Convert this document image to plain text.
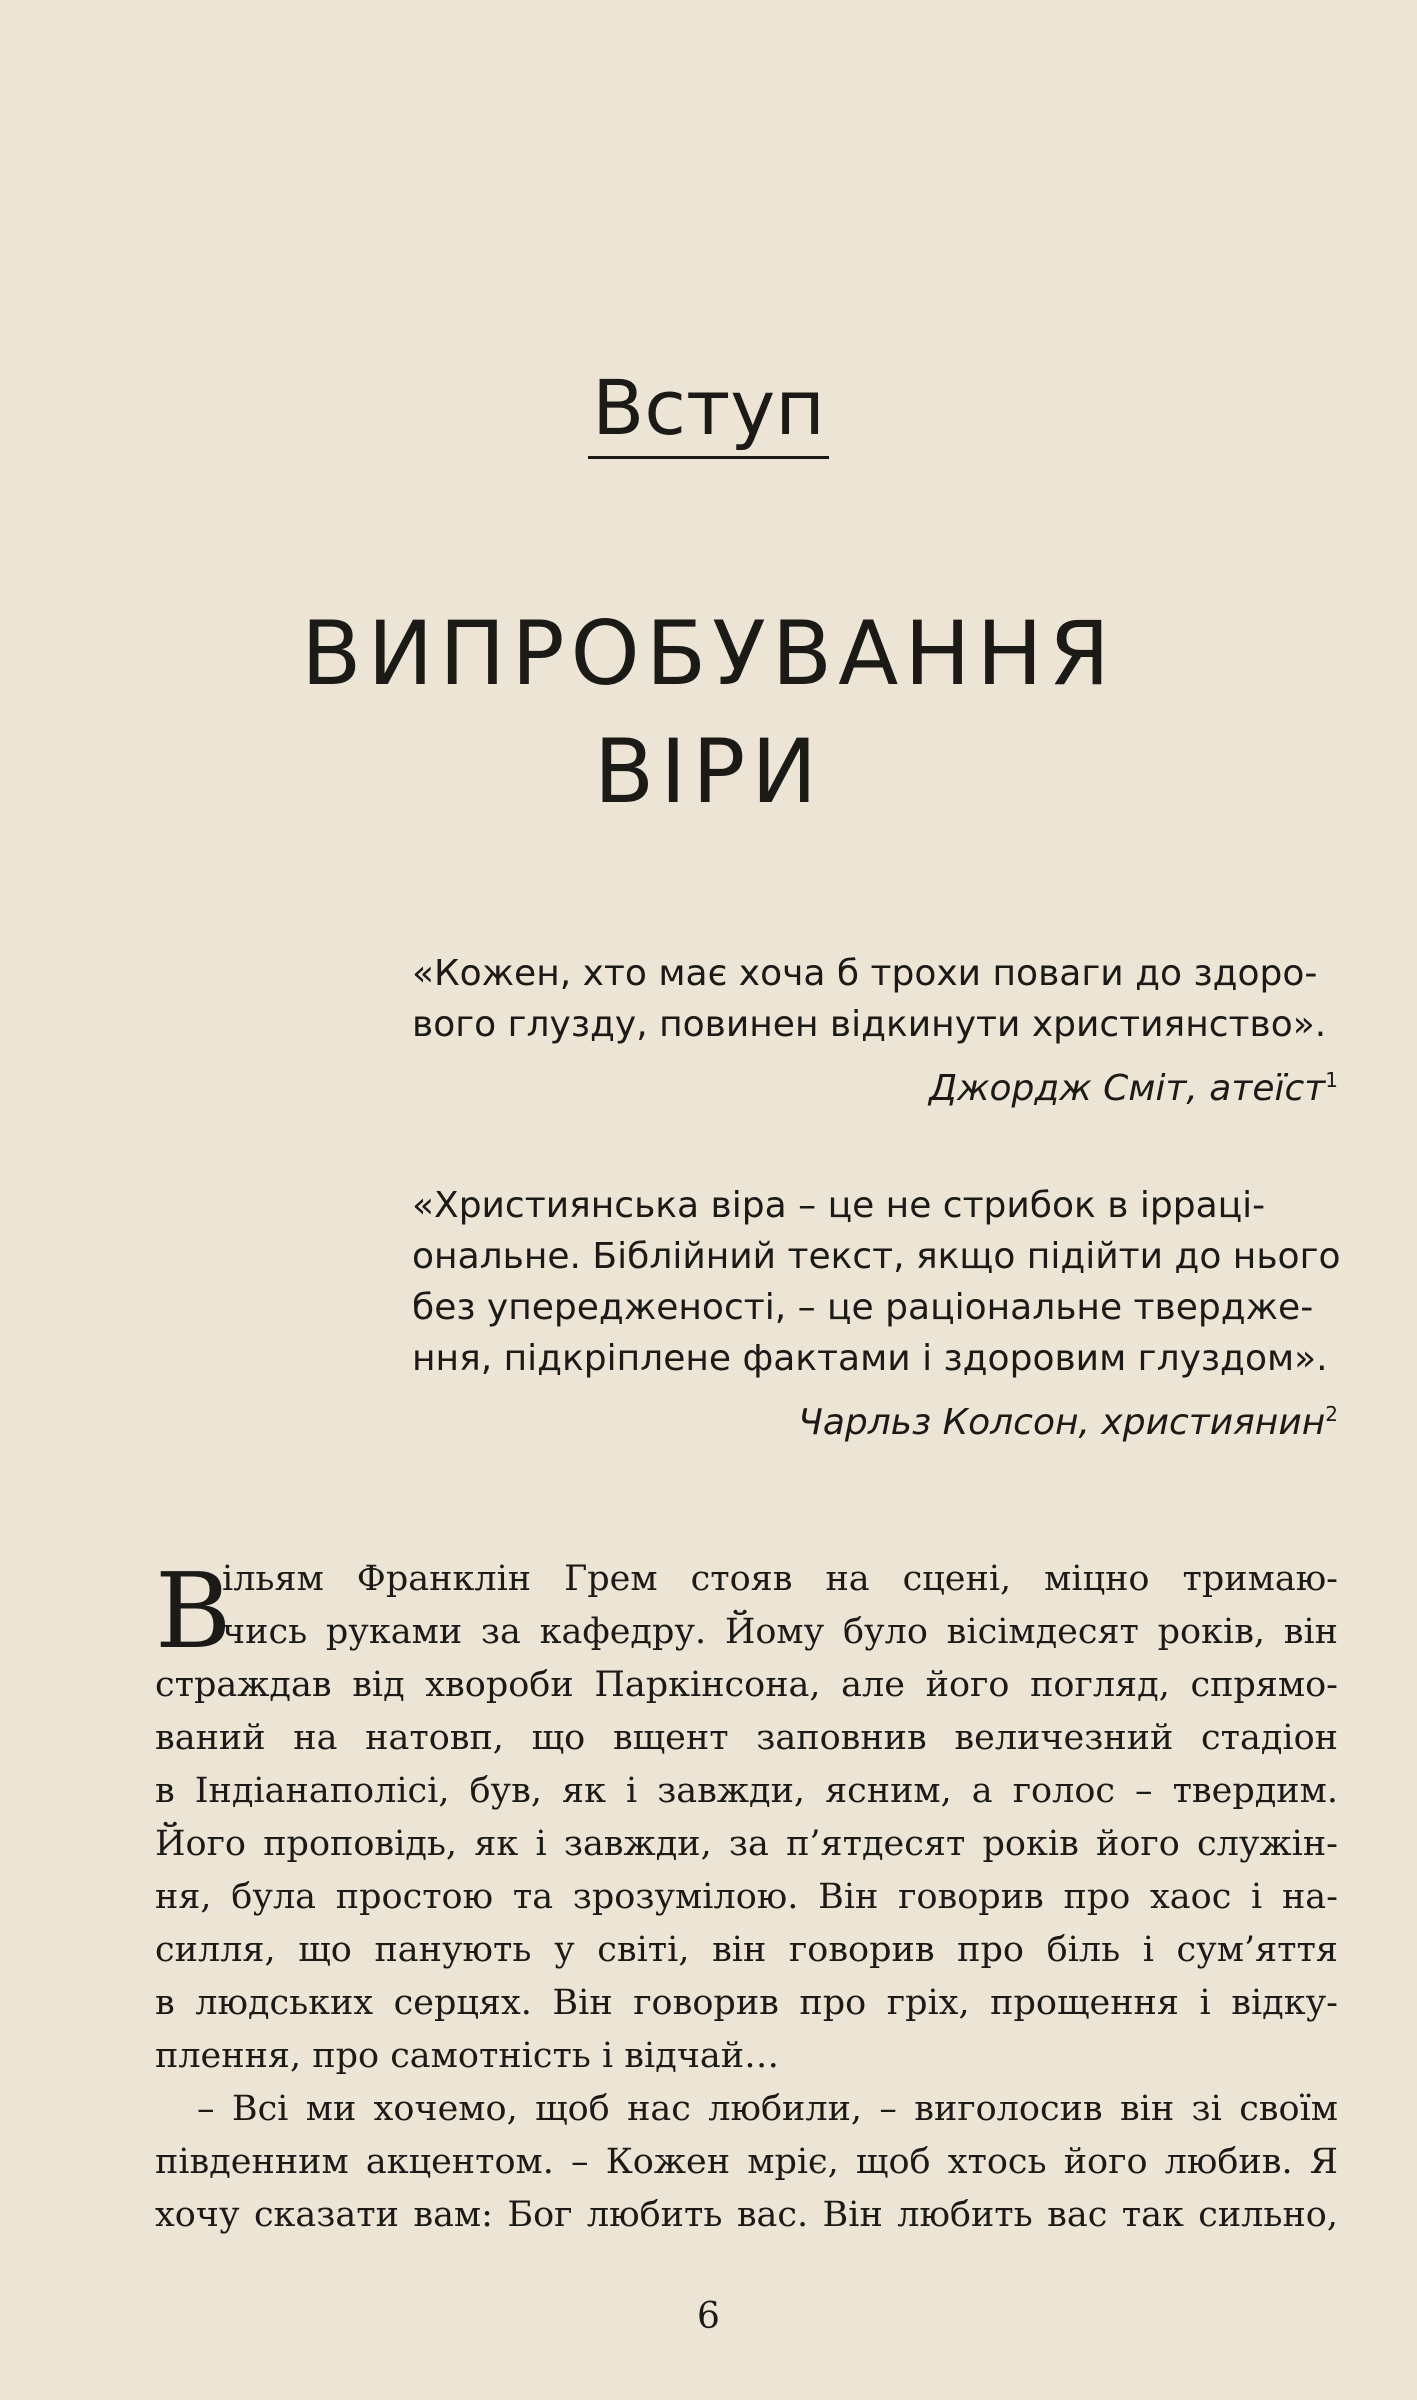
Вступ
ВИПРОБУВАННЯ
ВІРИ
«Кожен, хто має хоча б трохи поваги до здоро-
вого глузду, повинен відкинути християнство».
Джордж Сміт, атеїст$^1$
«Християнська віра – це не стрибок в ірраці-
ональне. Біблійний текст, якщо підійти до нього
без упередженості, – це раціональне твердже-
ння, підкріплене фактами і здоровим глуздом».
Чарльз Колсон, християнин$^2$
В
ільям Франклін Грем стояв на сцені, міцно тримаю-
чись руками за кафедру. Йому було вісімдесят років, він
страждав від хвороби Паркінсона, але його погляд, спрямо-
ваний на натовп, що вщент заповнив величезний стадіон
в Індіанаполісі, був, як і завжди, ясним, а голос – твердим.
Його проповідь, як і завжди, за п’ятдесят років його служін-
ня, була простою та зрозумілою. Він говорив про хаос і на-
силля, що панують у світі, він говорив про біль і сум’яття
в людських серцях. Він говорив про гріх, прощення і відку-
плення, про самотність і відчай…
– Всі ми хочемо, щоб нас любили, – виголосив він зі своїм
південним акцентом. – Кожен мріє, щоб хтось його любив. Я
хочу сказати вам: Бог любить вас. Він любить вас так сильно,
6
